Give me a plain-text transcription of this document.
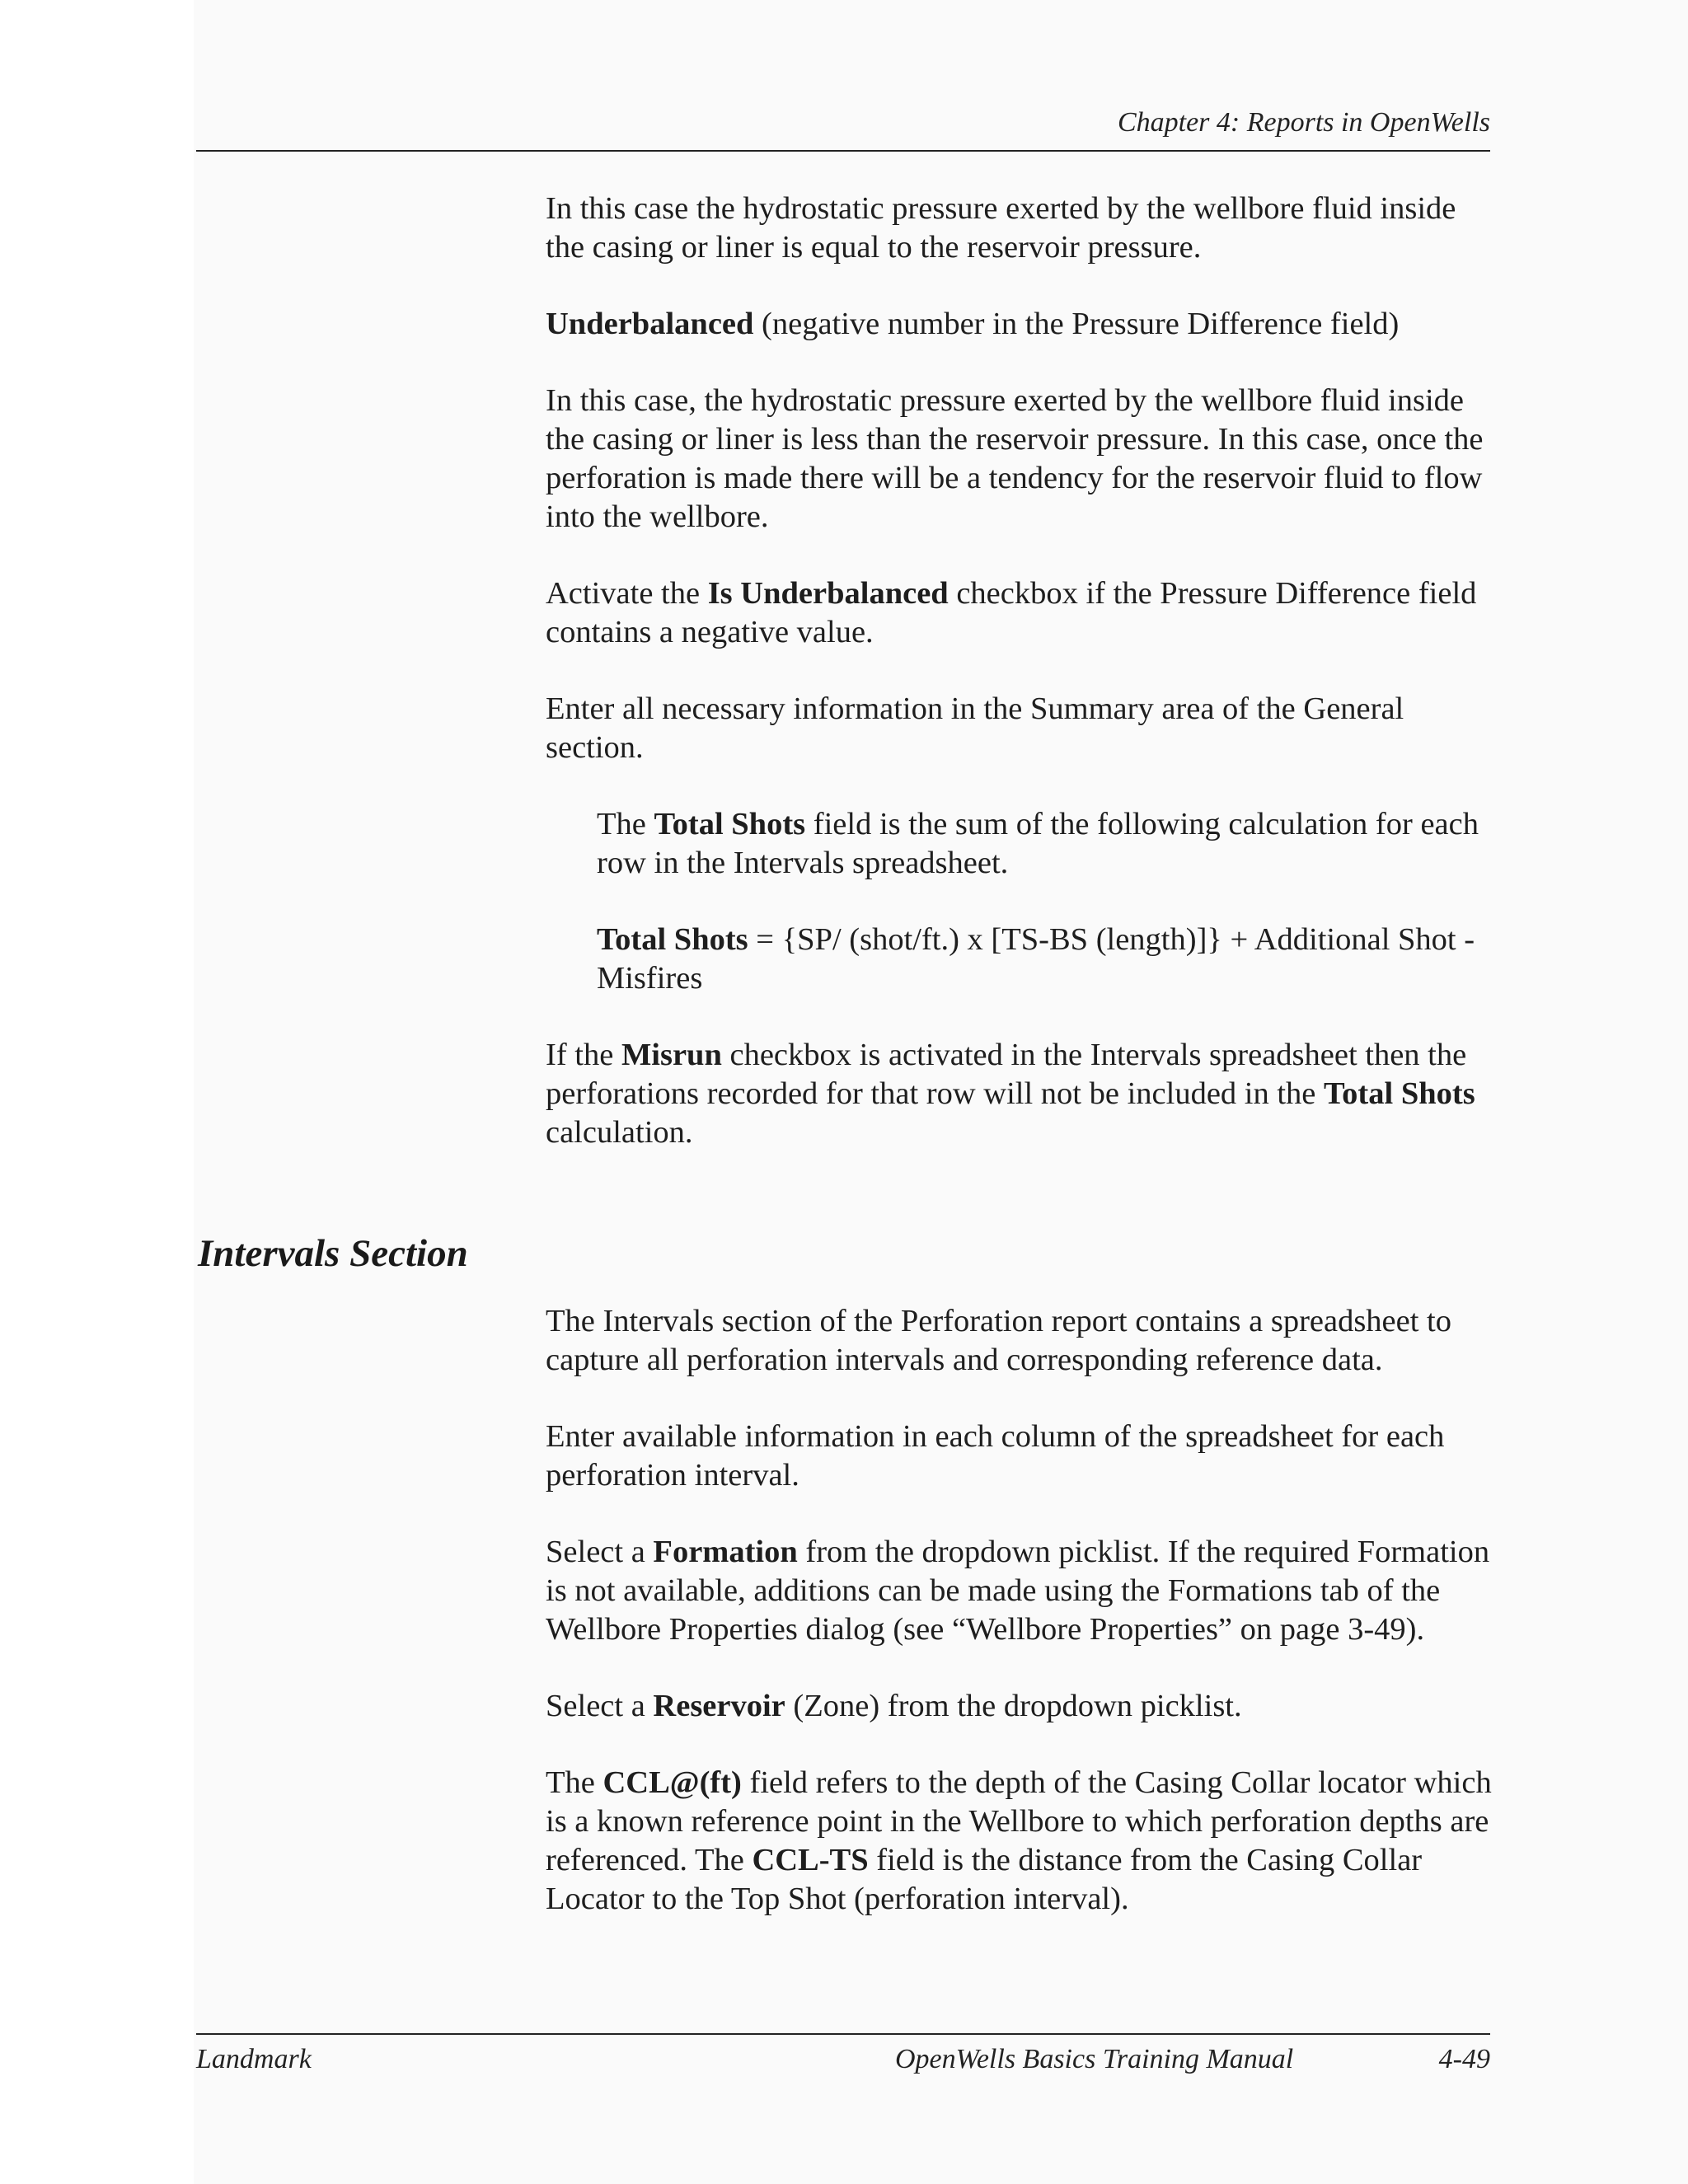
Chapter 4: Reports in OpenWells

In this case the hydrostatic pressure exerted by the wellbore fluid inside the casing or liner is equal to the reservoir pressure.

Underbalanced (negative number in the Pressure Difference field)

In this case, the hydrostatic pressure exerted by the wellbore fluid inside the casing or liner is less than the reservoir pressure. In this case, once the perforation is made there will be a tendency for the reservoir fluid to flow into the wellbore.

Activate the Is Underbalanced checkbox if the Pressure Difference field contains a negative value.

Enter all necessary information in the Summary area of the General section.

The Total Shots field is the sum of the following calculation for each row in the Intervals spreadsheet.

Total Shots = {SP/ (shot/ft.) x [TS-BS (length)]} + Additional Shot - Misfires

If the Misrun checkbox is activated in the Intervals spreadsheet then the perforations recorded for that row will not be included in the Total Shots calculation.

Intervals Section

The Intervals section of the Perforation report contains a spreadsheet to capture all perforation intervals and corresponding reference data.

Enter available information in each column of the spreadsheet for each perforation interval.

Select a Formation from the dropdown picklist. If the required Formation is not available, additions can be made using the Formations tab of the Wellbore Properties dialog (see “Wellbore Properties” on page 3-49).

Select a Reservoir (Zone) from the dropdown picklist.

The CCL@(ft) field refers to the depth of the Casing Collar locator which is a known reference point in the Wellbore to which perforation depths are referenced. The CCL-TS field is the distance from the Casing Collar Locator to the Top Shot (perforation interval).

Landmark	OpenWells Basics Training Manual	4-49
